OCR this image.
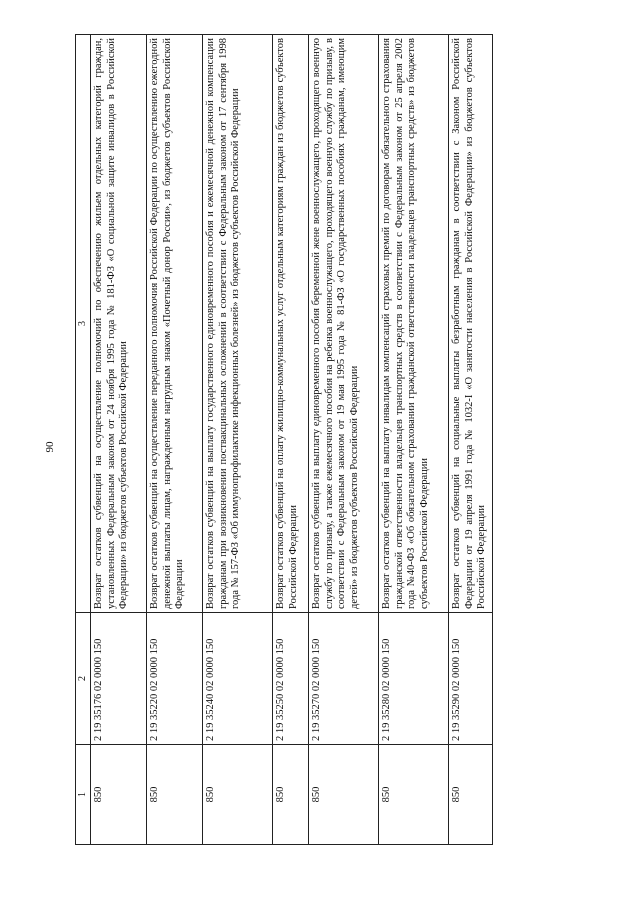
90
1	2	3
850	2 19 35176 02 0000 150	Возврат остатков субвенций на осуществление полномочий по обеспечению жильем отдельных категорий граждан, установленных Федеральным законом от 24 ноября 1995 года № 181-ФЗ «О социальной защите инвалидов в Российской Федерации» из бюджетов субъектов Российской Федерации
850	2 19 35220 02 0000 150	Возврат остатков субвенций на осуществление переданного полномочия Российской Федерации по осуществлению ежегодной денежной выплаты лицам, награжденным нагрудным знаком «Почетный донор России», из бюджетов субъектов Российской Федерации
850	2 19 35240 02 0000 150	Возврат остатков субвенций на выплату государственного единовременного пособия и ежемесячной денежной компенсации гражданам при возникновении поствакцинальных осложнений в соответствии с Федеральным законом от 17 сентября 1998 года № 157-ФЗ «Об иммунопрофилактике инфекционных болезней» из бюджетов субъектов Российской Федерации
850	2 19 35250 02 0000 150	Возврат остатков субвенций на оплату жилищно-коммунальных услуг отдельным категориям граждан из бюджетов субъектов Российской Федерации
850	2 19 35270 02 0000 150	Возврат остатков субвенций на выплату единовременного пособия беременной жене военнослужащего, проходящего военную службу по призыву, а также ежемесячного пособия на ребенка военнослужащего, проходящего военную службу по призыву, в соответствии с Федеральным законом от 19 мая 1995 года № 81-ФЗ «О государственных пособиях гражданам, имеющим детей» из бюджетов субъектов Российской Федерации
850	2 19 35280 02 0000 150	Возврат остатков субвенций на выплату инвалидам компенсаций страховых премий по договорам обязательного страхования гражданской ответственности владельцев транспортных средств в соответствии с Федеральным законом от 25 апреля 2002 года №40-ФЗ «Об обязательном страховании гражданской ответственности владельцев транспортных средств» из бюджетов субъектов Российской Федерации
850	2 19 35290 02 0000 150	Возврат остатков субвенций на социальные выплаты безработным гражданам в соответствии с Законом Российской Федерации от 19 апреля 1991 года № 1032-I «О занятости населения в Российской Федерации» из бюджетов субъектов Российской Федерации
